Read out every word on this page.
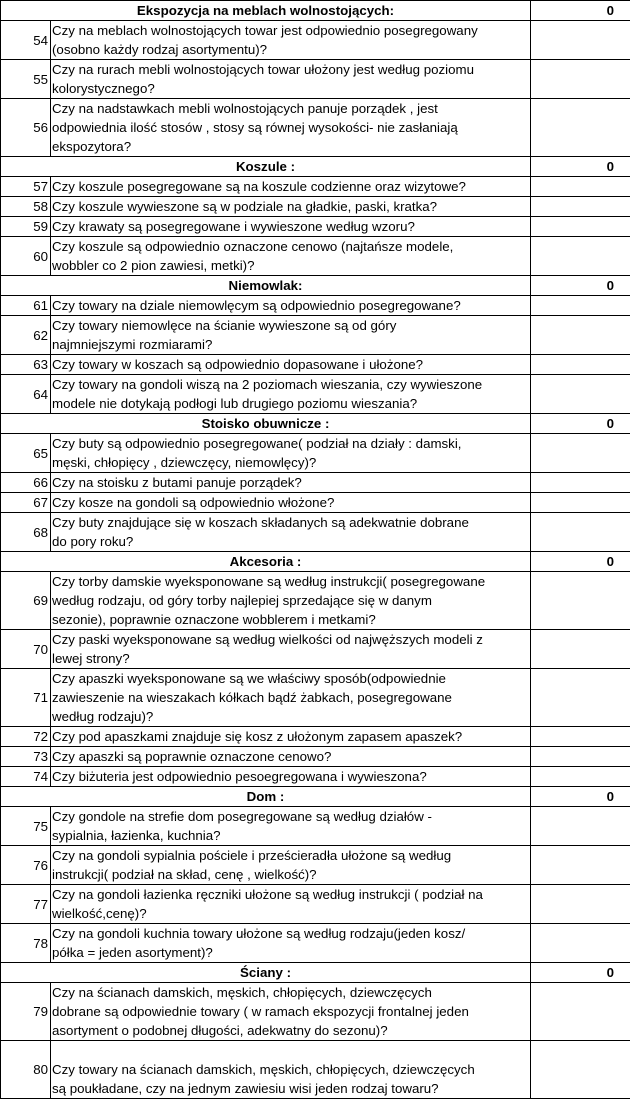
Ekspozycja na meblach wolnostojących:		0
54	Czy na meblach wolnostojących towar jest odpowiednio posegregowany
(osobno każdy rodzaj asortymentu)?	

55	Czy na rurach mebli wolnostojących towar ułożony jest według poziomu
kolorystycznego?	

56	Czy na nadstawkach mebli wolnostojących panuje porządek , jest
odpowiednia ilość stosów , stosy są równej wysokości- nie zasłaniają
ekspozytora?	

Koszule :		0
57	Czy koszule posegregowane są na koszule codzienne oraz wizytowe?	

58	Czy koszule wywieszone są w podziale na gładkie, paski, kratka?	

59	Czy krawaty są posegregowane i wywieszone według wzoru?	

60	Czy koszule są odpowiednio oznaczone cenowo (najtańsze modele,
wobbler co 2 pion zawiesi, metki)?	

Niemowlak:		0
61	Czy towary na dziale niemowlęcym są odpowiednio posegregowane?	

62	Czy towary niemowlęce na ścianie wywieszone są od góry
najmniejszymi rozmiarami?	

63	Czy towary w koszach są odpowiednio dopasowane i ułożone?	

64	Czy towary na gondoli wiszą na 2 poziomach wieszania, czy wywieszone
modele nie dotykają podłogi lub drugiego poziomu wieszania?	

Stoisko obuwnicze :		0
65	Czy buty są odpowiednio posegregowane( podział na działy : damski,
męski, chłopięcy , dziewczęcy, niemowlęcy)?	

66	Czy na stoisku z butami panuje porządek?	

67	Czy kosze na gondoli są odpowiednio włożone?	

68	Czy buty znajdujące się w koszach składanych są adekwatnie dobrane
do pory roku?	

Akcesoria :		0
69	Czy torby damskie wyeksponowane są według instrukcji( posegregowane
według rodzaju, od góry torby najlepiej sprzedające się w danym
sezonie), poprawnie oznaczone wobblerem i metkami?	

70	Czy paski wyeksponowane są według wielkości od najwęższych modeli z
lewej strony?	

71	Czy apaszki wyeksponowane są we właściwy sposób(odpowiednie
zawieszenie na wieszakach kółkach bądź żabkach, posegregowane
według rodzaju)?	

72	Czy pod apaszkami znajduje się kosz z ułożonym zapasem apaszek?	

73	Czy apaszki są poprawnie oznaczone cenowo?	

74	Czy biżuteria jest odpowiednio pesoegregowana i wywieszona?	

Dom :		0
75	Czy gondole na strefie dom posegregowane są według działów -
sypialnia, łazienka, kuchnia?	

76	Czy na gondoli sypialnia pościele i prześcieradła ułożone są według
instrukcji( podział na skład, cenę , wielkość)?	

77	Czy na gondoli łazienka ręczniki ułożone są według instrukcji ( podział na
wielkość,cenę)?	

78	Czy na gondoli kuchnia towary ułożone są według rodzaju(jeden kosz/
półka = jeden asortyment)?	

Ściany :		0
79	Czy na ścianach damskich, męskich, chłopięcych, dziewczęcych
dobrane są odpowiednie towary ( w ramach ekspozycji frontalnej jeden
asortyment o podobnej długości, adekwatny do sezonu)?	

80	Czy towary na ścianach damskich, męskich, chłopięcych, dziewczęcych
są poukładane, czy na jednym zawiesiu wisi jeden rodzaj towaru?	
